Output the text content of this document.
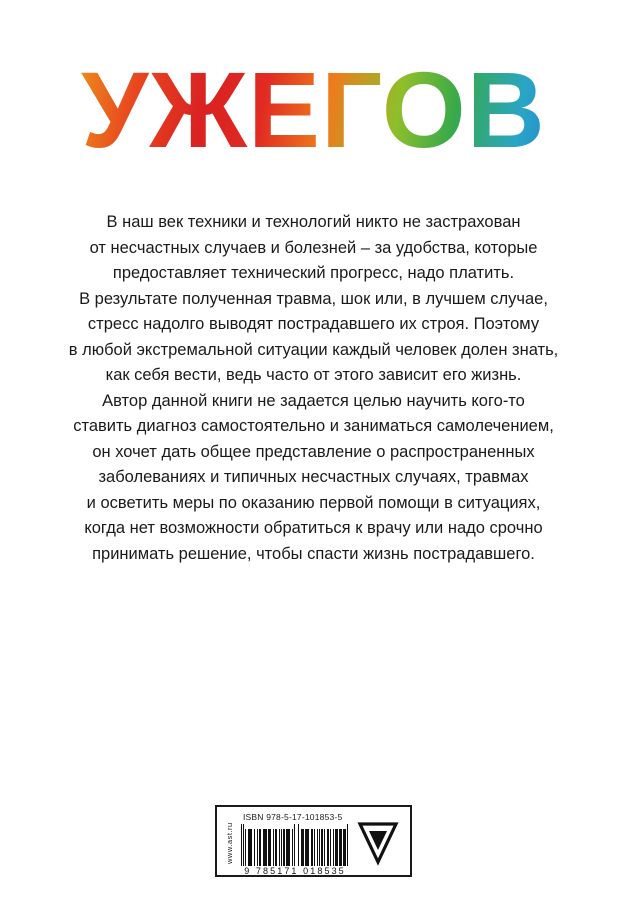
УЖЕГОВ

В наш век техники и технологий никто не застрахован

от несчастных случаев и болезней – за удобства, которые

предоставляет технический прогресс, надо платить.

В результате полученная травма, шок или, в лучшем случае,

стресс надолго выводят пострадавшего их строя. Поэтому

в любой экстремальной ситуации каждый человек долен знать,

как себя вести, ведь часто от этого зависит его жизнь.

Автор данной книги не задается целью научить кого-то

ставить диагноз самостоятельно и заниматься самолечением,

он хочет дать общее представление о распространенных

заболеваниях и типичных несчастных случаях, травмах

и осветить меры по оказанию первой помощи в ситуациях,

когда нет возможности обратиться к врачу или надо срочно

принимать решение, чтобы спасти жизнь пострадавшего.

www.ast.ru
ISBN 978-5-17-101853-5
9 785171 018535
